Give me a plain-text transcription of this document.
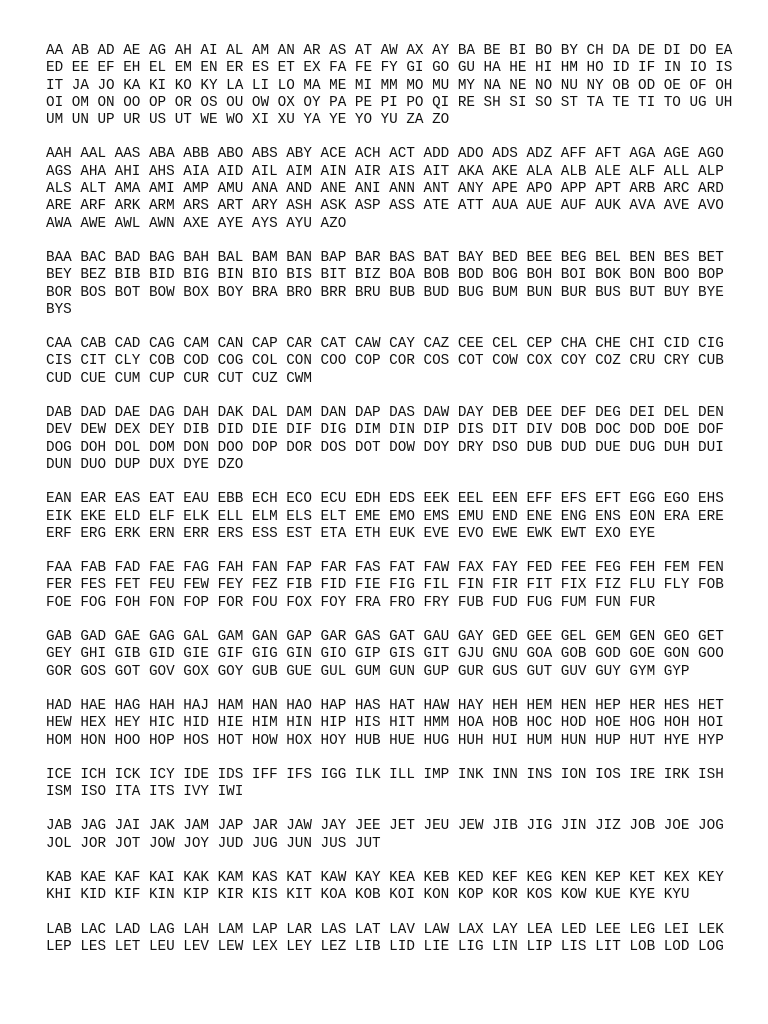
AA AB AD AE AG AH AI AL AM AN AR AS AT AW AX AY BA BE BI BO BY CH DA DE DI DO EA
ED EE EF EH EL EM EN ER ES ET EX FA FE FY GI GO GU HA HE HI HM HO ID IF IN IO IS
IT JA JO KA KI KO KY LA LI LO MA ME MI MM MO MU MY NA NE NO NU NY OB OD OE OF OH
OI OM ON OO OP OR OS OU OW OX OY PA PE PI PO QI RE SH SI SO ST TA TE TI TO UG UH
UM UN UP UR US UT WE WO XI XU YA YE YO YU ZA ZO
AAH AAL AAS ABA ABB ABO ABS ABY ACE ACH ACT ADD ADO ADS ADZ AFF AFT AGA AGE AGO
AGS AHA AHI AHS AIA AID AIL AIM AIN AIR AIS AIT AKA AKE ALA ALB ALE ALF ALL ALP
ALS ALT AMA AMI AMP AMU ANA AND ANE ANI ANN ANT ANY APE APO APP APT ARB ARC ARD
ARE ARF ARK ARM ARS ART ARY ASH ASK ASP ASS ATE ATT AUA AUE AUF AUK AVA AVE AVO
AWA AWE AWL AWN AXE AYE AYS AYU AZO
BAA BAC BAD BAG BAH BAL BAM BAN BAP BAR BAS BAT BAY BED BEE BEG BEL BEN BES BET
BEY BEZ BIB BID BIG BIN BIO BIS BIT BIZ BOA BOB BOD BOG BOH BOI BOK BON BOO BOP
BOR BOS BOT BOW BOX BOY BRA BRO BRR BRU BUB BUD BUG BUM BUN BUR BUS BUT BUY BYE
BYS
CAA CAB CAD CAG CAM CAN CAP CAR CAT CAW CAY CAZ CEE CEL CEP CHA CHE CHI CID CIG
CIS CIT CLY COB COD COG COL CON COO COP COR COS COT COW COX COY COZ CRU CRY CUB
CUD CUE CUM CUP CUR CUT CUZ CWM
DAB DAD DAE DAG DAH DAK DAL DAM DAN DAP DAS DAW DAY DEB DEE DEF DEG DEI DEL DEN
DEV DEW DEX DEY DIB DID DIE DIF DIG DIM DIN DIP DIS DIT DIV DOB DOC DOD DOE DOF
DOG DOH DOL DOM DON DOO DOP DOR DOS DOT DOW DOY DRY DSO DUB DUD DUE DUG DUH DUI
DUN DUO DUP DUX DYE DZO
EAN EAR EAS EAT EAU EBB ECH ECO ECU EDH EDS EEK EEL EEN EFF EFS EFT EGG EGO EHS
EIK EKE ELD ELF ELK ELL ELM ELS ELT EME EMO EMS EMU END ENE ENG ENS EON ERA ERE
ERF ERG ERK ERN ERR ERS ESS EST ETA ETH EUK EVE EVO EWE EWK EWT EXO EYE
FAA FAB FAD FAE FAG FAH FAN FAP FAR FAS FAT FAW FAX FAY FED FEE FEG FEH FEM FEN
FER FES FET FEU FEW FEY FEZ FIB FID FIE FIG FIL FIN FIR FIT FIX FIZ FLU FLY FOB
FOE FOG FOH FON FOP FOR FOU FOX FOY FRA FRO FRY FUB FUD FUG FUM FUN FUR
GAB GAD GAE GAG GAL GAM GAN GAP GAR GAS GAT GAU GAY GED GEE GEL GEM GEN GEO GET
GEY GHI GIB GID GIE GIF GIG GIN GIO GIP GIS GIT GJU GNU GOA GOB GOD GOE GON GOO
GOR GOS GOT GOV GOX GOY GUB GUE GUL GUM GUN GUP GUR GUS GUT GUV GUY GYM GYP
HAD HAE HAG HAH HAJ HAM HAN HAO HAP HAS HAT HAW HAY HEH HEM HEN HEP HER HES HET
HEW HEX HEY HIC HID HIE HIM HIN HIP HIS HIT HMM HOA HOB HOC HOD HOE HOG HOH HOI
HOM HON HOO HOP HOS HOT HOW HOX HOY HUB HUE HUG HUH HUI HUM HUN HUP HUT HYE HYP
ICE ICH ICK ICY IDE IDS IFF IFS IGG ILK ILL IMP INK INN INS ION IOS IRE IRK ISH
ISM ISO ITA ITS IVY IWI
JAB JAG JAI JAK JAM JAP JAR JAW JAY JEE JET JEU JEW JIB JIG JIN JIZ JOB JOE JOG
JOL JOR JOT JOW JOY JUD JUG JUN JUS JUT
KAB KAE KAF KAI KAK KAM KAS KAT KAW KAY KEA KEB KED KEF KEG KEN KEP KET KEX KEY
KHI KID KIF KIN KIP KIR KIS KIT KOA KOB KOI KON KOP KOR KOS KOW KUE KYE KYU
LAB LAC LAD LAG LAH LAM LAP LAR LAS LAT LAV LAW LAX LAY LEA LED LEE LEG LEI LEK
LEP LES LET LEU LEV LEW LEX LEY LEZ LIB LID LIE LIG LIN LIP LIS LIT LOB LOD LOG
